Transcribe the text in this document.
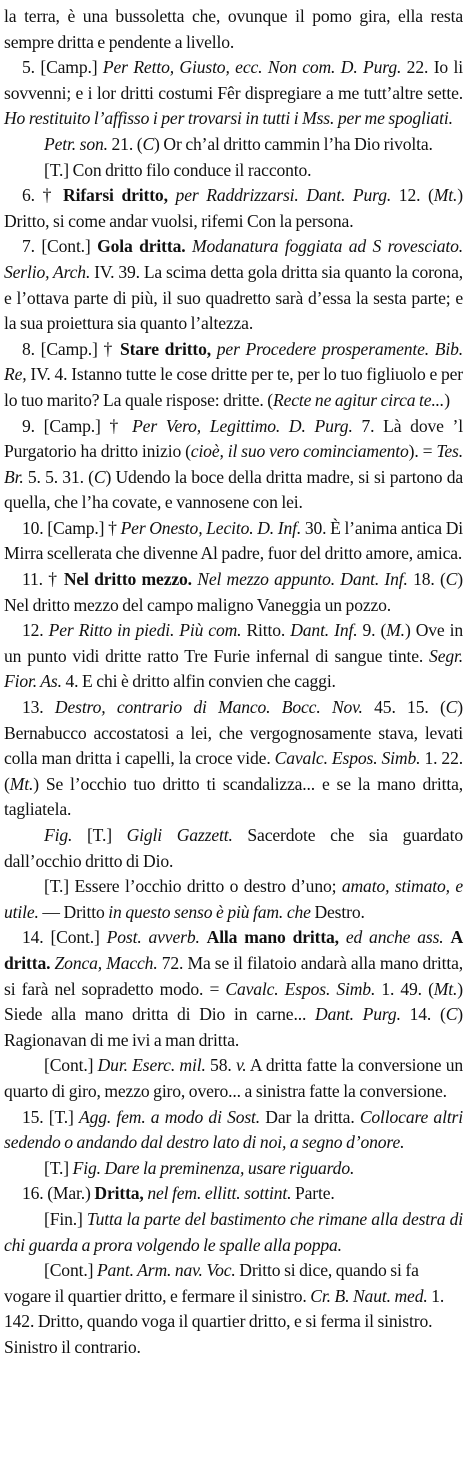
la terra, è una bussoletta che, ovunque il pomo gira, ella resta sempre dritta e pendente a livello.

5. [Camp.] Per Retto, Giusto, ecc. Non com. D. Purg. 22. Io li sovvenni; e i lor dritti costumi Fêr dispregiare a me tutt’altre sette. Ho restituito l’affisso i per trovarsi in tutti i Mss. per me spogliati.

Petr. son. 21. (C) Or ch’al dritto cammin l’ha Dio rivolta.

[T.] Con dritto filo conduce il racconto.

6. † Rifarsi dritto, per Raddrizzarsi. Dant. Purg. 12. (Mt.) Dritto, si come andar vuolsi, rifemi Con la persona.

7. [Cont.] Gola dritta. Modanatura foggiata ad S rovesciato. Serlio, Arch. IV. 39. La scima detta gola dritta sia quanto la corona, e l’ottava parte di più, il suo quadretto sarà d’essa la sesta parte; e la sua proiettura sia quanto l’altezza.

8. [Camp.] † Stare dritto, per Procedere prosperamente. Bib. Re, IV. 4. Istanno tutte le cose dritte per te, per lo tuo figliuolo e per lo tuo marito? La quale rispose: dritte. (Recte ne agitur circa te...)

9. [Camp.] † Per Vero, Legittimo. D. Purg. 7. Là dove ’l Purgatorio ha dritto inizio (cioè, il suo vero cominciamento). = Tes. Br. 5. 5. 31. (C) Udendo la boce della dritta madre, si si partono da quella, che l’ha covate, e vannosene con lei.

10. [Camp.] † Per Onesto, Lecito. D. Inf. 30. È l’anima antica Di Mirra scellerata che divenne Al padre, fuor del dritto amore, amica.

11. † Nel dritto mezzo. Nel mezzo appunto. Dant. Inf. 18. (C) Nel dritto mezzo del campo maligno Vaneggia un pozzo.

12. Per Ritto in piedi. Più com. Ritto. Dant. Inf. 9. (M.) Ove in un punto vidi dritte ratto Tre Furie infernal di sangue tinte. Segr. Fior. As. 4. E chi è dritto alfin convien che caggi.

13. Destro, contrario di Manco. Bocc. Nov. 45. 15. (C) Bernabucco accostatosi a lei, che vergognosamente stava, levati colla man dritta i capelli, la croce vide. Cavalc. Espos. Simb. 1. 22. (Mt.) Se l’occhio tuo dritto ti scandalizza... e se la mano dritta, tagliatela.

Fig. [T.] Gigli Gazzett. Sacerdote che sia guardato dall’occhio dritto di Dio.

[T.] Essere l’occhio dritto o destro d’uno; amato, stimato, e utile. — Dritto in questo senso è più fam. che Destro.

14. [Cont.] Post. avverb. Alla mano dritta, ed anche ass. A dritta. Zonca, Macch. 72. Ma se il filatoio andarà alla mano dritta, si farà nel sopradetto modo. = Cavalc. Espos. Simb. 1. 49. (Mt.) Siede alla mano dritta di Dio in carne... Dant. Purg. 14. (C) Ragionavan di me ivi a man dritta.

[Cont.] Dur. Eserc. mil. 58. v. A dritta fatte la conversione un quarto di giro, mezzo giro, overo... a sinistra fatte la conversione.

15. [T.] Agg. fem. a modo di Sost. Dar la dritta. Collocare altri sedendo o andando dal destro lato di noi, a segno d’onore.

[T.] Fig. Dare la preminenza, usare riguardo.

16. (Mar.) Dritta, nel fem. ellitt. sottint. Parte.

[Fin.] Tutta la parte del bastimento che rimane alla destra di chi guarda a prora volgendo le spalle alla poppa.

[Cont.] Pant. Arm. nav. Voc. Dritto si dice, quando si fa vogare il quartier dritto, e fermare il sinistro. Cr. B. Naut. med. 1. 142. Dritto, quando voga il quartier dritto, e si ferma il sinistro. Sinistro il contrario.
